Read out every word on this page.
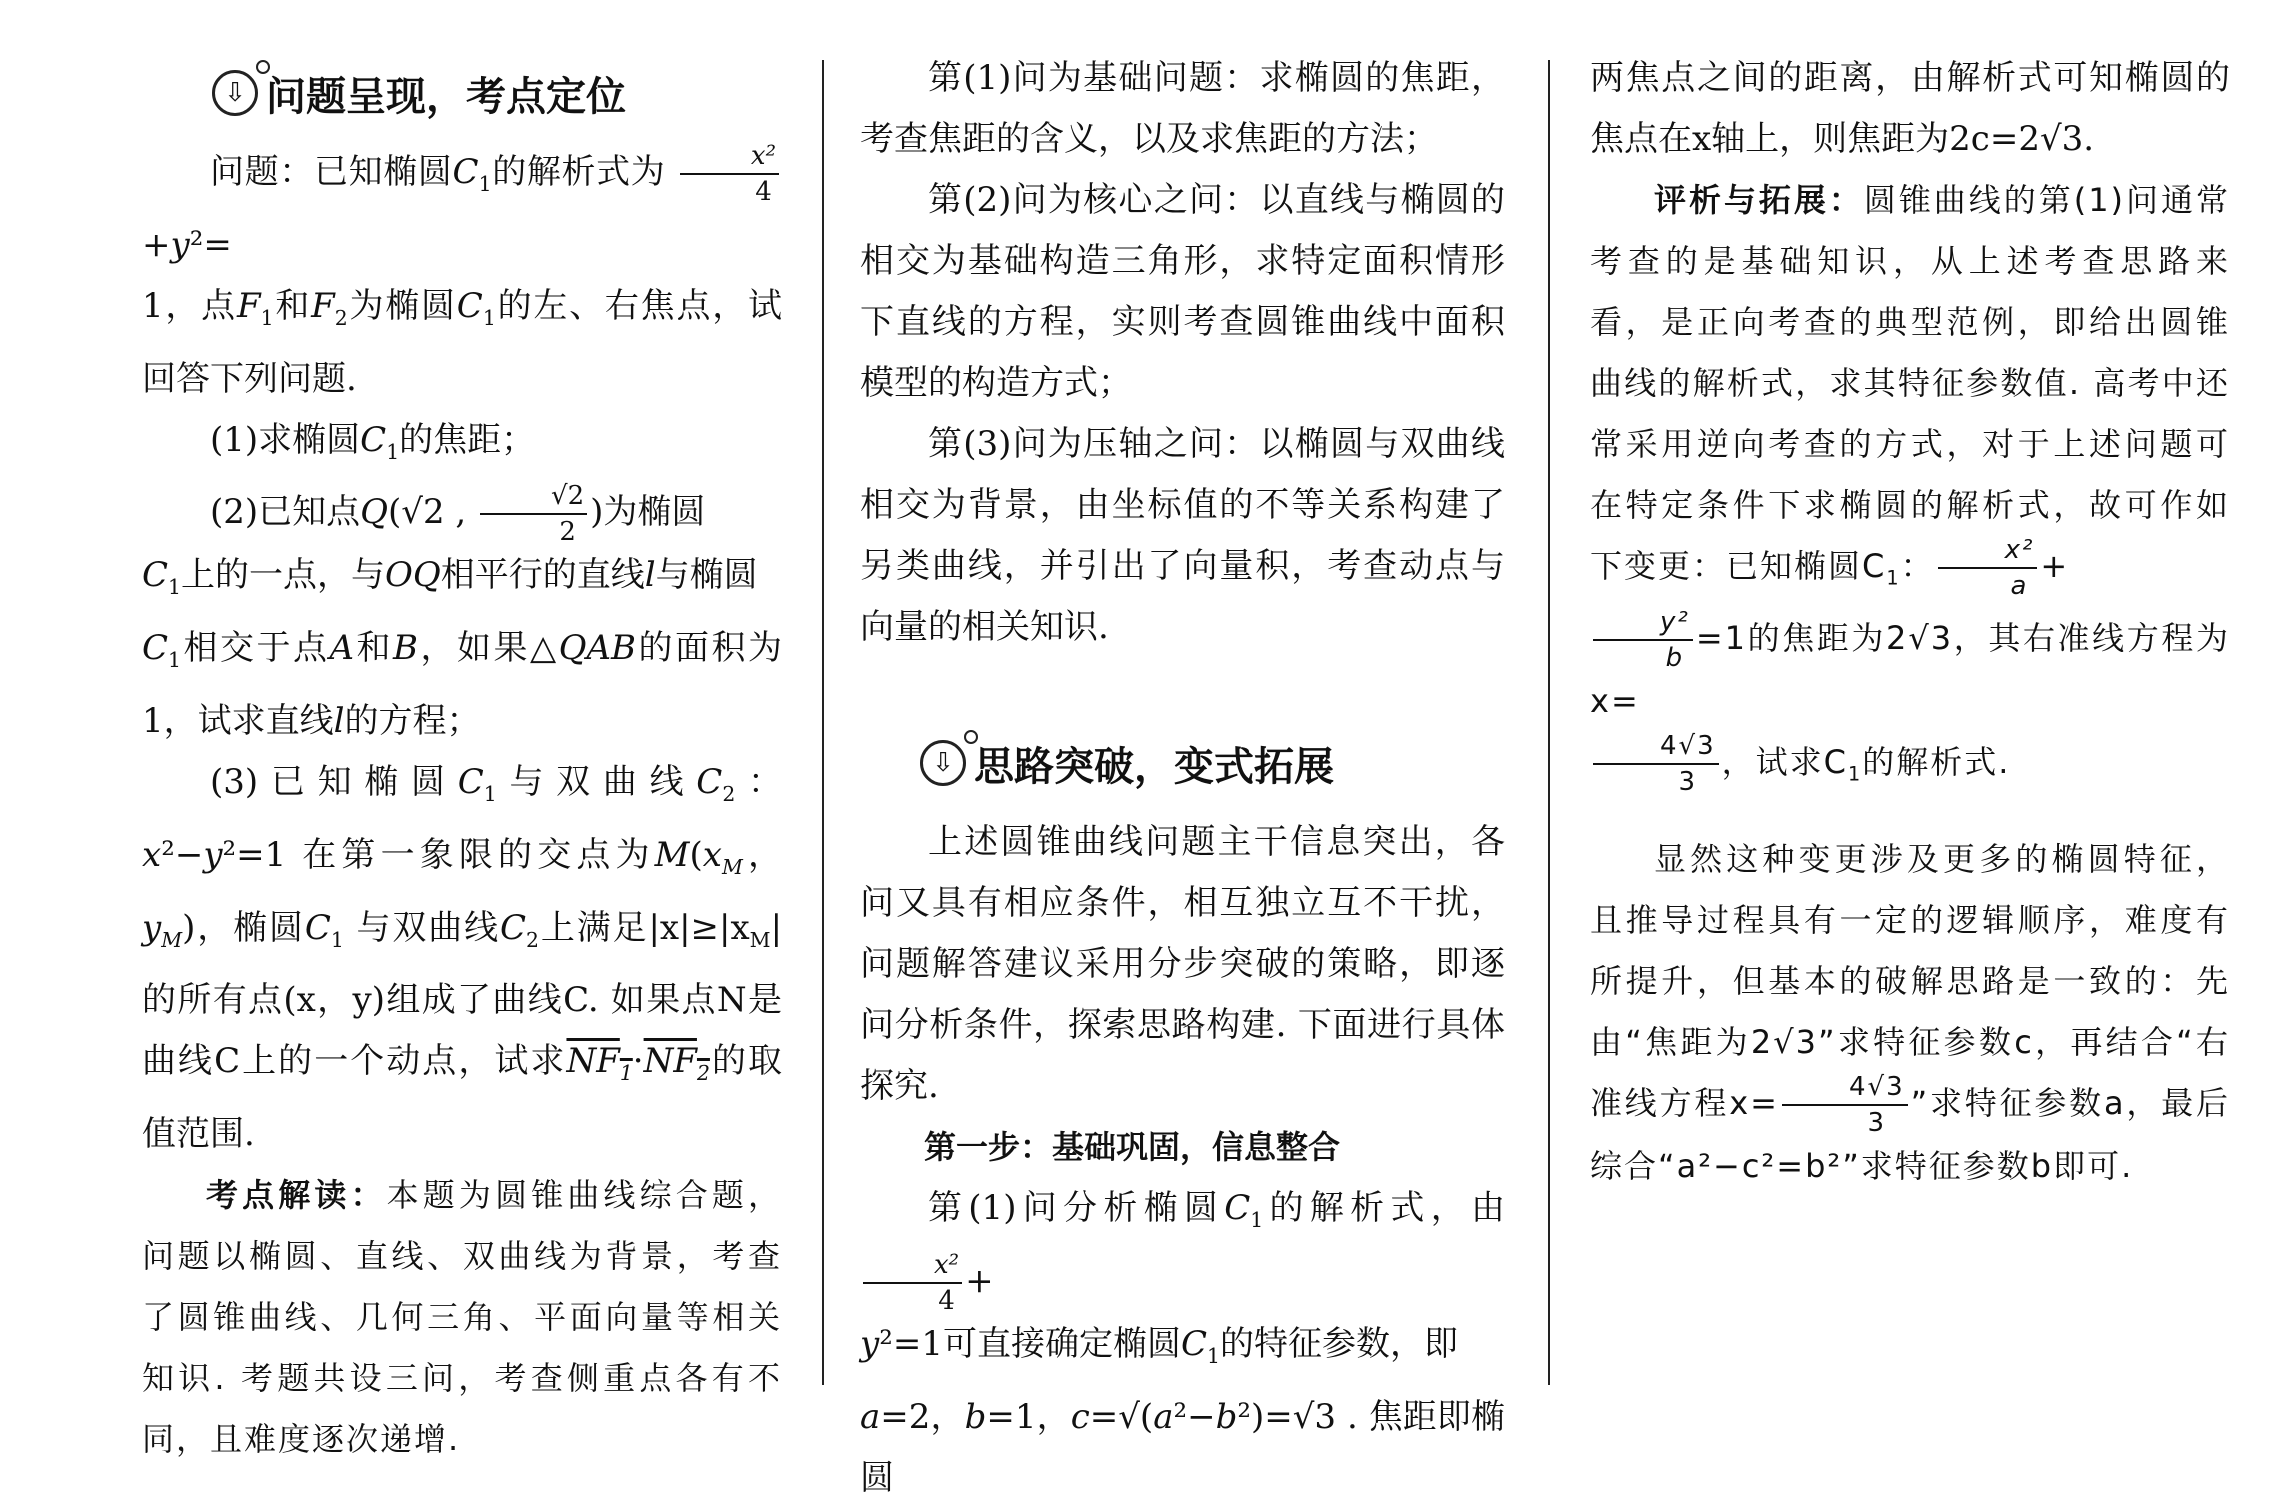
⇩ 问题呈现，考点定位

问题：已知椭圆$C_1$的解析式为 $\frac{\text{x²}}{4}$
+y²=
1，点$F_1$和$F_2$为椭圆$C_1$的左、右焦点，试回答下列问题.

(1)求椭圆$C_1$的焦距；

(2)已知点Q(√2 , $\frac{√2}{2}$ )为椭圆
$C_1$上的一点，与OQ相平行的直线l与椭圆
$C_1$相交于点A和B，如果△QAB的面积为1，试求直线l的方程；

(3)已知椭圆$C_1$与双曲线$C_2$：x²−y²=1 在第一象限的交点为$M(x_M$，$y_M$)，椭圆$C_1$ 与双曲线$C_2$上满足$|x|\ge|x_M|$的所有点(x，y)组成了曲线C. 如果点N是曲线C上的一个动点，试求$NF_1\cdot NF_2$的取值范围.

考点解读：本题为圆锥曲线综合题，问题以椭圆、直线、双曲线为背景，考查了圆锥曲线、几何三角、平面向量等相关知识. 考题共设三问，考查侧重点各有不同，且难度逐次递增.

第(1)问为基础问题：求椭圆的焦距，考查焦距的含义，以及求焦距的方法；

第(2)问为核心之问：以直线与椭圆的相交为基础构造三角形，求特定面积情形下直线的方程，实则考查圆锥曲线中面积模型的构造方式；

第(3)问为压轴之问：以椭圆与双曲线相交为背景，由坐标值的不等关系构建了另类曲线，并引出了向量积，考查动点与向量的相关知识.

⇩ 思路突破，变式拓展

上述圆锥曲线问题主干信息突出，各问又具有相应条件，相互独立互不干扰，问题解答建议采用分步突破的策略，即逐问分析条件，探索思路构建. 下面进行具体探究.

第一步：基础巩固，信息整合

第(1)问分析椭圆$C_1$的解析式，由
$\frac{\text{x²}}{4}$ +
y²=1可直接确定椭圆$C_1$的特征参数，即
a=2，b=1，c=√(a²−b²)=√3 . 焦距即椭圆

两焦点之间的距离，由解析式可知椭圆的焦点在x轴上，则焦距为2c=2√3.

评析与拓展：圆锥曲线的第(1)问通常考查的是基础知识，从上述考查思路来看，是正向考查的典型范例，即给出圆锥曲线的解析式，求其特征参数值. 高考中还常采用逆向考查的方式，对于上述问题可在特定条件下求椭圆的解析式，故可作如下变更：已知椭圆$C_1$： $\frac{\text{x²}}{a}$ +

$\frac{\text{y²}}{b} =1$的焦距为2√3，其右准线方程为x=

$\frac{4√3}{3}$ ，试求$C_1$的解析式.

显然这种变更涉及更多的椭圆特征，且推导过程具有一定的逻辑顺序，难度有所提升，但基本的破解思路是一致的：先由“焦距为2√3”求特征参数c，再结合“右准线方程$x= \frac{4√3}{3}$ ”求特征参数a，最后综合“a²−c²=b²”求特征参数b即可.
